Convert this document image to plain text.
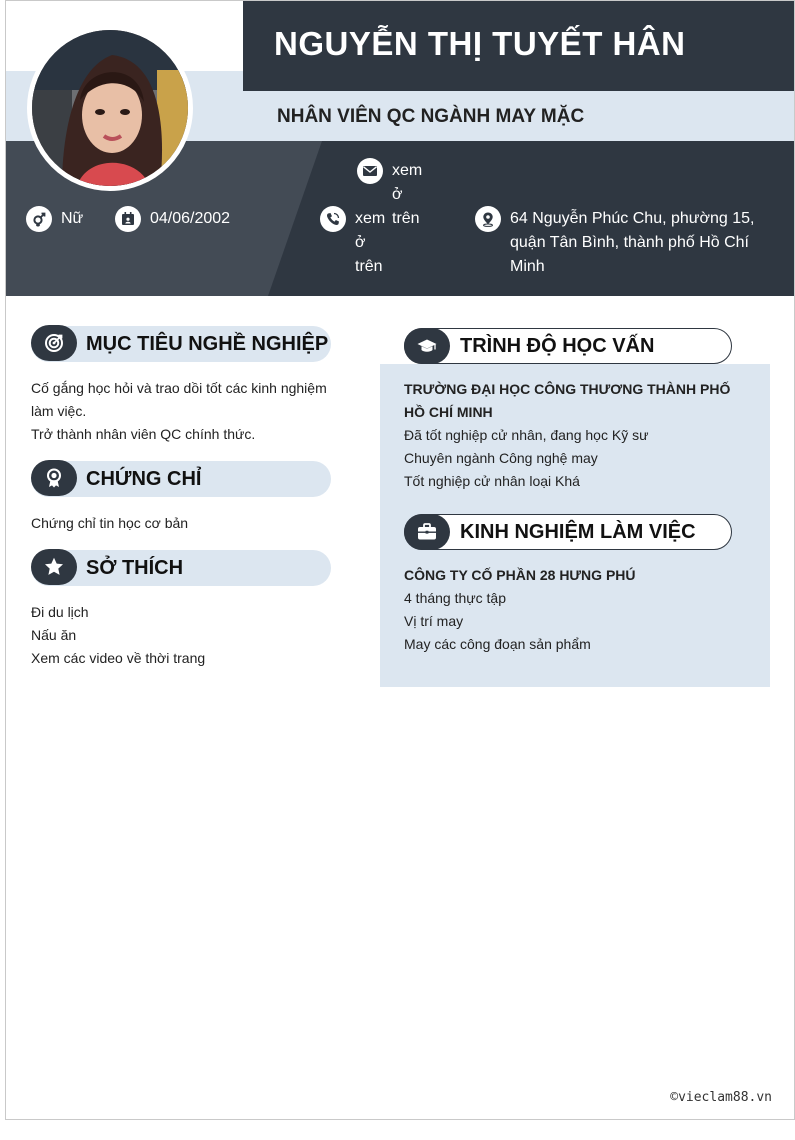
NGUYỄN THỊ TUYẾT HÂN
NHÂN VIÊN QC NGÀNH MAY MẶC
xem ở trên
Nữ	04/06/2002	xem ở trên
64 Nguyễn Phúc Chu, phường 15,
quận Tân Bình, thành phố Hồ Chí
Minh
MỤC TIÊU NGHỀ NGHIỆP
Cố gắng học hỏi và trao dồi tốt các kinh nghiệm
làm việc.
Trở thành nhân viên QC chính thức.
CHỨNG CHỈ
Chứng chỉ tin học cơ bản
SỞ THÍCH
Đi du lịch
Nấu ăn
Xem các video về thời trang
TRÌNH ĐỘ HỌC VẤN
TRƯỜNG ĐẠI HỌC CÔNG THƯƠNG THÀNH PHỐ
HỒ CHÍ MINH
Đã tốt nghiệp cử nhân, đang học Kỹ sư
Chuyên ngành Công nghệ may
Tốt nghiệp cử nhân loại Khá
KINH NGHIỆM LÀM VIỆC
CÔNG TY CỐ PHẦN 28 HƯNG PHÚ
4 tháng thực tập
Vị trí may
May các công đoạn sản phẩm
©vieclam88.vn
